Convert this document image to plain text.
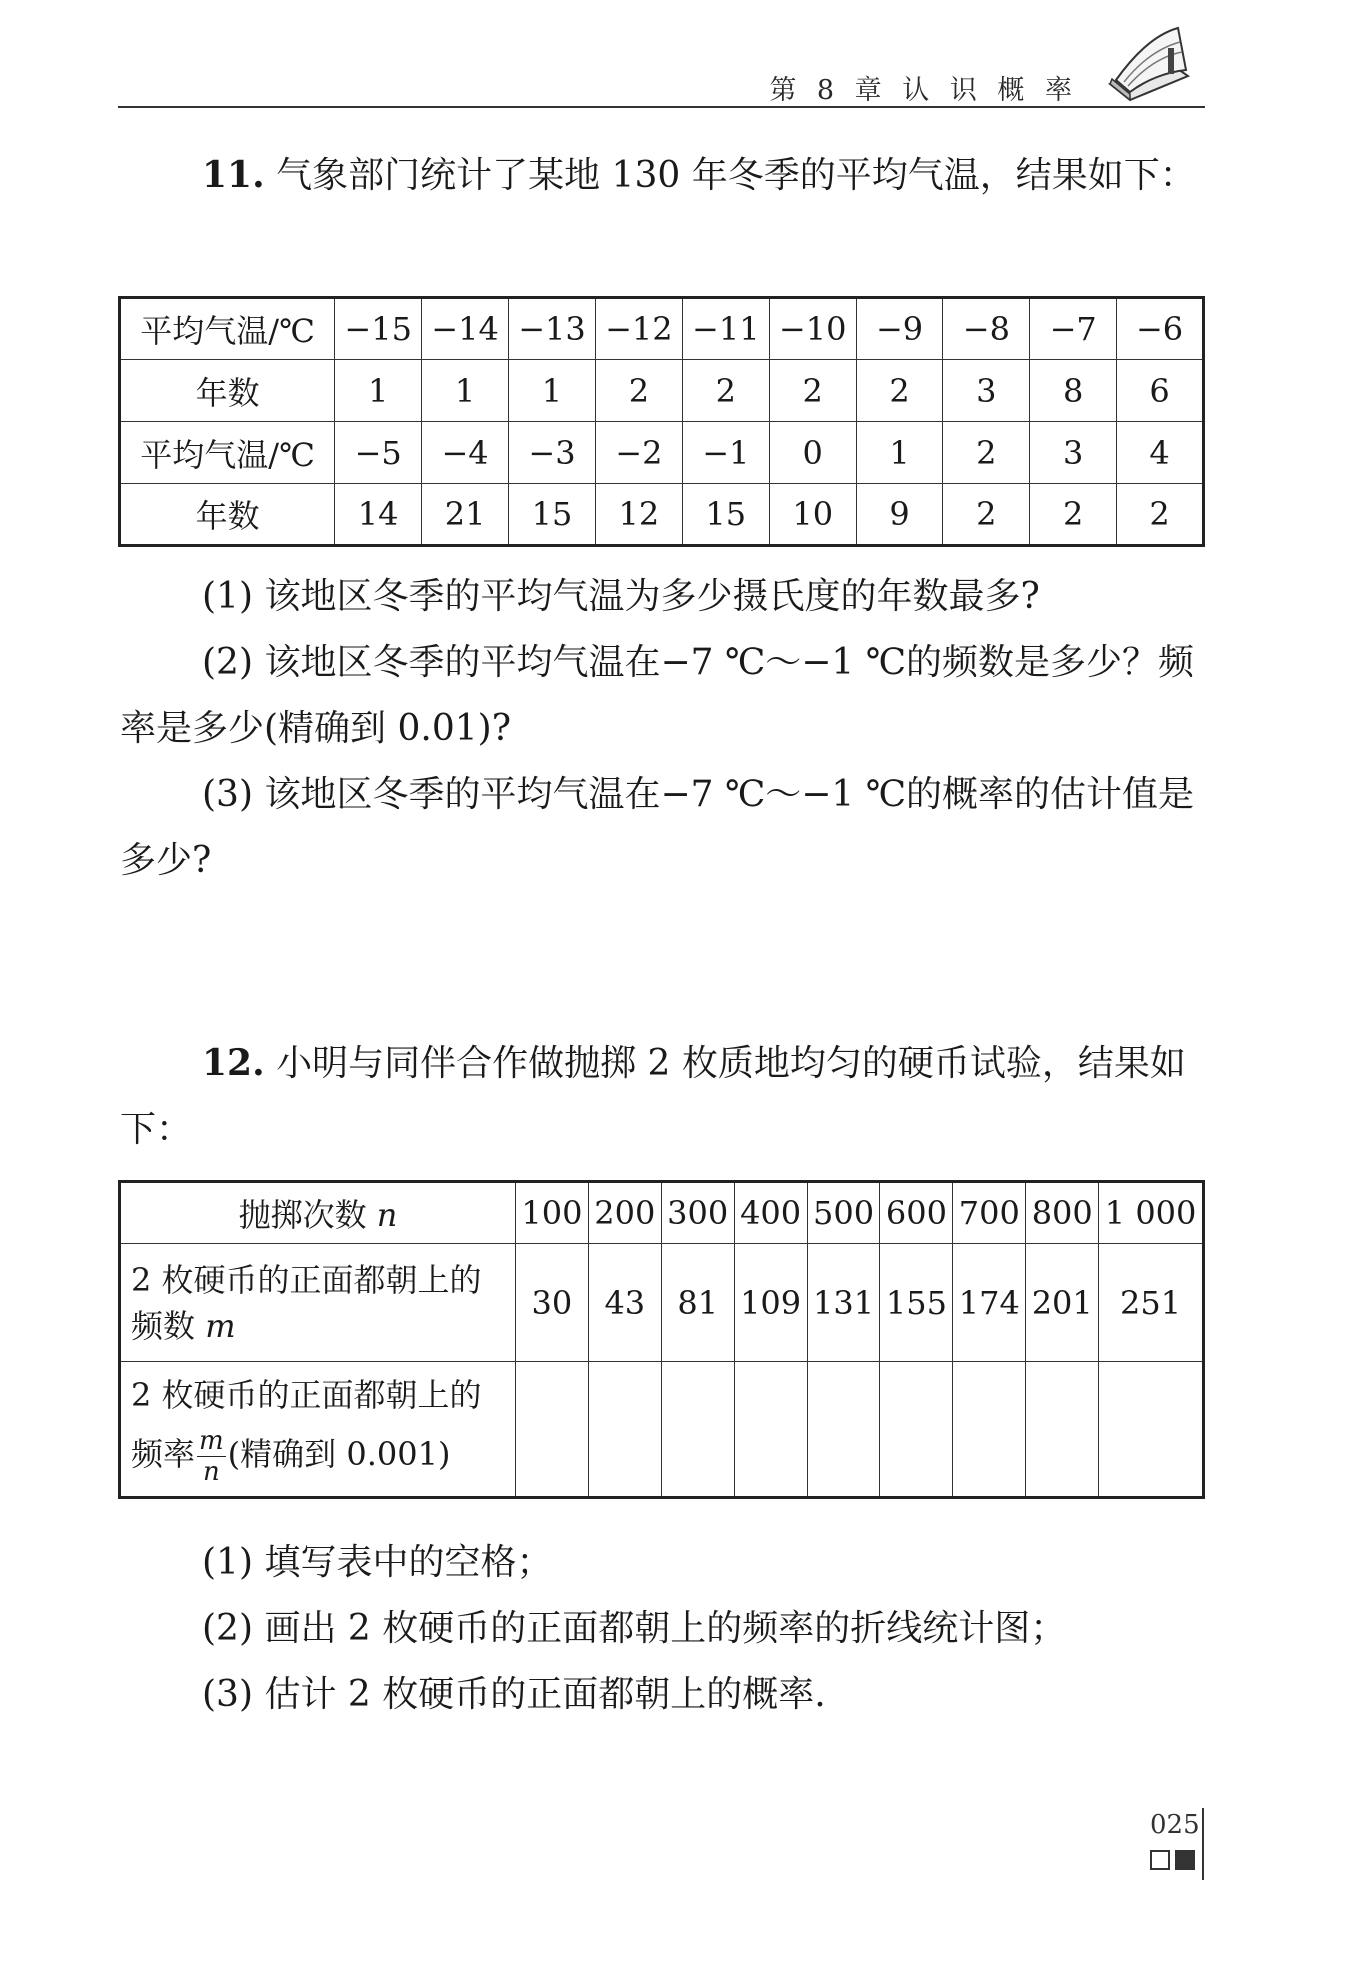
第 8 章 认 识 概 率
11. 气象部门统计了某地 130 年冬季的平均气温，结果如下：
平均气温/℃	−15	−14	−13	−12	−11	−10	−9	−8	−7	−6
年数	1	1	1	2	2	2	2	3	8	6
平均气温/℃	−5	−4	−3	−2	−1	0	1	2	3	4
年数	14	21	15	12	15	10	9	2	2	2
(1) 该地区冬季的平均气温为多少摄氏度的年数最多?
(2) 该地区冬季的平均气温在−7 ℃～−1 ℃的频数是多少？频率是多少(精确到 0.01)?
(3) 该地区冬季的平均气温在−7 ℃～−1 ℃的概率的估计值是多少?
12. 小明与同伴合作做抛掷 2 枚质地均匀的硬币试验，结果如下：
抛掷次数 n	100	200	300	400	500	600	700	800	1 000

2 枚硬币的正面都朝上的
频数 m	30	43	81	109	131	155	174	201	251

2 枚硬币的正面都朝上的
频率 $\frac{m}{n}$ (精确到 0.001)									

(1) 填写表中的空格；
(2) 画出 2 枚硬币的正面都朝上的频率的折线统计图；
(3) 估计 2 枚硬币的正面都朝上的概率.
025
